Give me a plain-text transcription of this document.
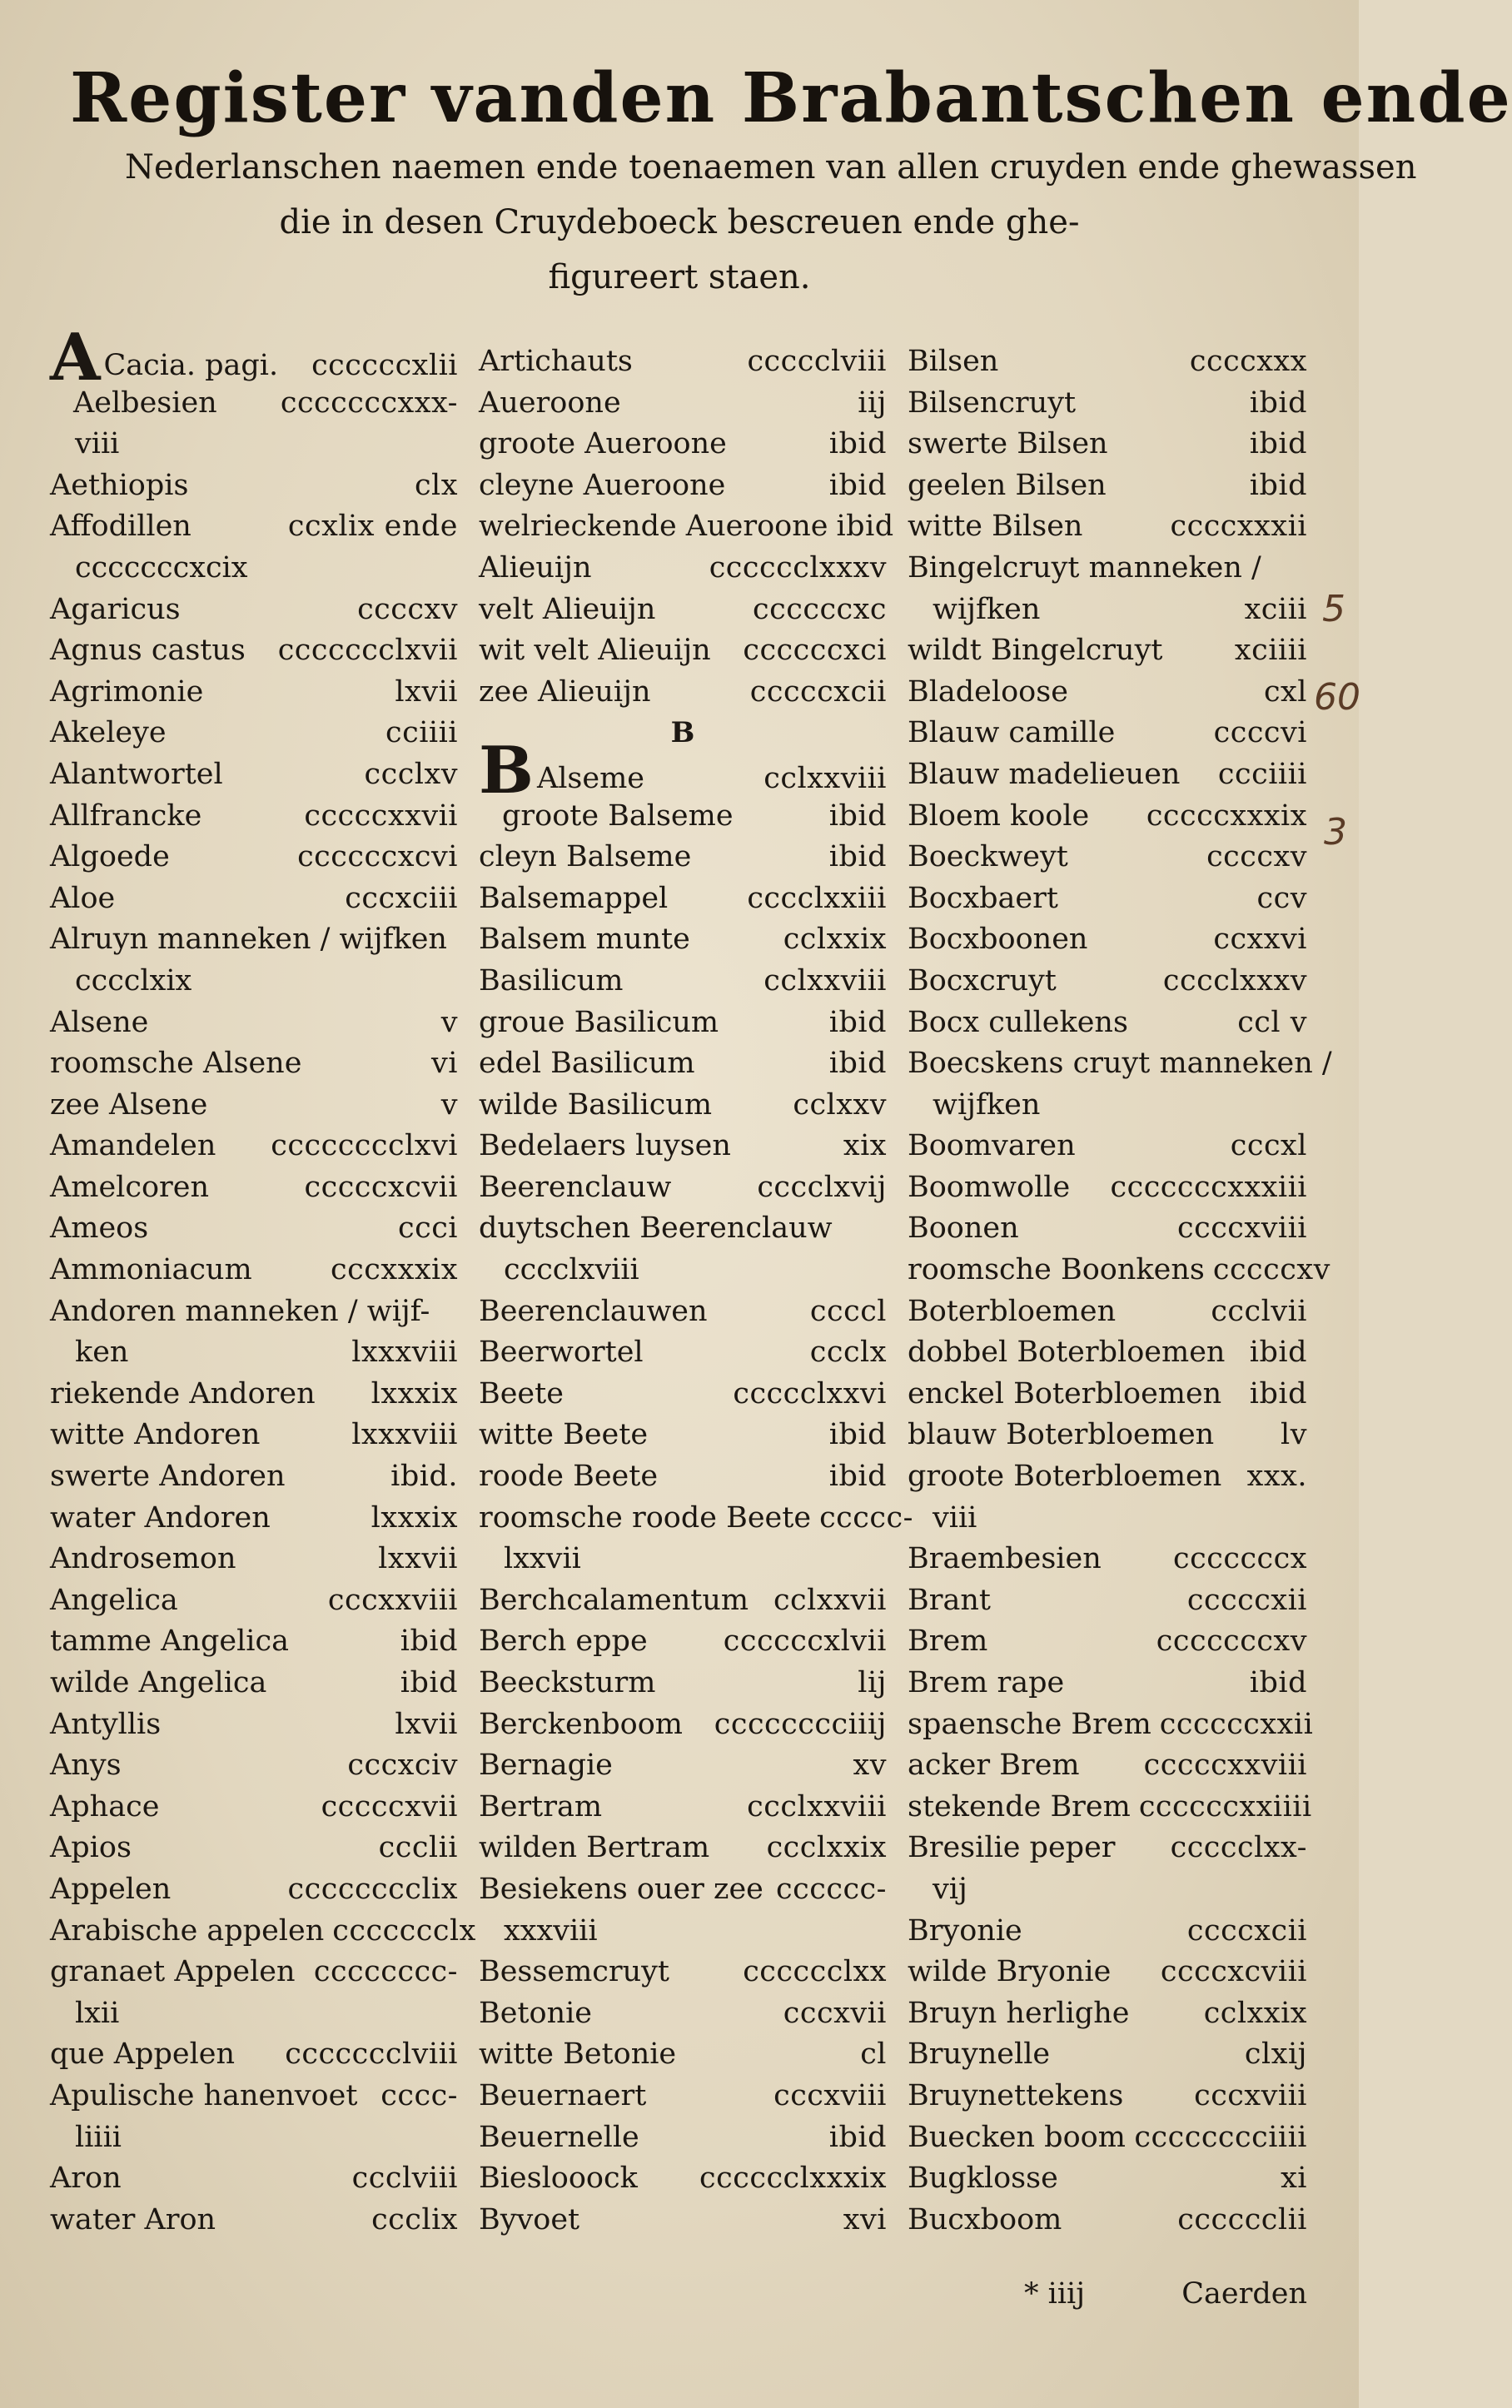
Register vanden Brabantschen ende
Nederlanschen naemen ende toenaemen van allen cruyden ende ghewassen
die in desen Cruydeboeck bescreuen ende ghe-
figureert staen.
A Cacia. pagi. ccccccxlii
Aelbesien cccccccxxx-
viii
Aethiopis	clx
Affodillen	ccxlix ende
cccccccxcix
Agaricus	ccccxv
Agnus castus ccccccclxvii
Agrimonie	lxvii
Akeleye	cciiii
Alantwortel	ccclxv
Allfrancke	cccccxxvii
Algoede	ccccccxcvi
Aloe	cccxciii
Alruyn manneken / wijfken
cccclxix
Alsene	v
roomsche Alsene	vi
zee Alsene	v
Amandelen cccccccclxvi
Amelcoren	cccccxcvii
Ameos	ccci
Ammoniacum	cccxxxix
Andoren manneken / wijf-
ken	lxxxviii
riekende Andoren lxxxix
witte Andoren	lxxxviii
swerte Andoren	ibid.
water Andoren	lxxxix
Androsemon	lxxvii
Angelica	cccxxviii
tamme Angelica	ibid
wilde Angelica	ibid
Antyllis	lxvii
Anys	cccxciv
Aphace	cccccxvii
Apios	ccclii
Appelen	cccccccclix
Arabische appelen ccccccclx
granaet Appelen cccccccc-
lxii
que Appelen ccccccclviii
Apulische hanenvoet cccc-
liiii
Aron	ccclviii
water Aron	ccclix
Artichauts	ccccclviii
Aueroone	iij
groote Aueroone	ibid
cleyne Aueroone	ibid
welrieckende Aueroone ibid
Alieuijn	cccccclxxxv
velt Alieuijn	ccccccxc
wit velt Alieuijn ccccccxci
zee Alieuijn	cccccxcii
B
B Alseme	cclxxviii
groote Balseme	ibid
cleyn Balseme	ibid
Balsemappel	cccclxxiii
Balsem munte	cclxxix
Basilicum	cclxxviii
groue Basilicum	ibid
edel Basilicum	ibid
wilde Basilicum	cclxxv
Bedelaers luysen	xix
Beerenclauw	cccclxvij
duytschen Beerenclauw
cccclxviii
Beerenclauwen	ccccl
Beerwortel	ccclx
Beete	ccccclxxvi
witte Beete	ibid
roode Beete	ibid
roomsche roode Beete ccccc-
lxxvii
Berchcalamentum cclxxvii
Berch eppe	ccccccxlvii
Beecksturm	lij
Berckenboom cccccccciiij
Bernagie	xv
Bertram	ccclxxviii
wilden Bertram ccclxxix
Besiekens ouer zee cccccc-
xxxviii
Bessemcruyt	cccccclxx
Betonie	cccxvii
witte Betonie	cl
Beuernaert	cccxviii
Beuernelle	ibid
Bieslooock cccccclxxxix
Byvoet	xvi
Bilsen	ccccxxx
Bilsencruyt	ibid
swerte Bilsen	ibid
geelen Bilsen	ibid
witte Bilsen	ccccxxxii
Bingelcruyt manneken /
wijfken	xciii
wildt Bingelcruyt xciiii
Bladeloose	cxl
Blauw camille	ccccvi
Blauw madelieuen ccciiii
Bloem koole cccccxxxix
Boeckweyt	ccccxv
Bocxbaert	ccv
Bocxboonen	ccxxvi
Bocxcruyt	cccclxxxv
Bocx cullekens	ccl v
Boecskens cruyt manneken /
wijfken
Boomvaren	cccxl
Boomwolle cccccccxxxiii
Boonen	ccccxviii
roomsche Boonkens cccccxv
Boterbloemen	ccclvii
dobbel Boterbloemen ibid
enckel Boterbloemen ibid
blauw Boterbloemen lv
groote Boterbloemen xxx.
viii
Braembesien cccccccx
Brant	cccccxii
Brem	cccccccxv
Brem rape	ibid
spaensche Brem ccccccxxii
acker Brem cccccxxviii
stekende Brem ccccccxxiiii
Bresilie peper ccccclxx-
vij
Bryonie	ccccxcii
wilde Bryonie ccccxcviii
Bruyn herlighe	cclxxix
Bruynelle	clxij
Bruynettekens cccxviii
Buecken boom cccccccciiii
Bugklosse	xi
Bucxboom	cccccclii
* iiij	Caerden
5
60
3
